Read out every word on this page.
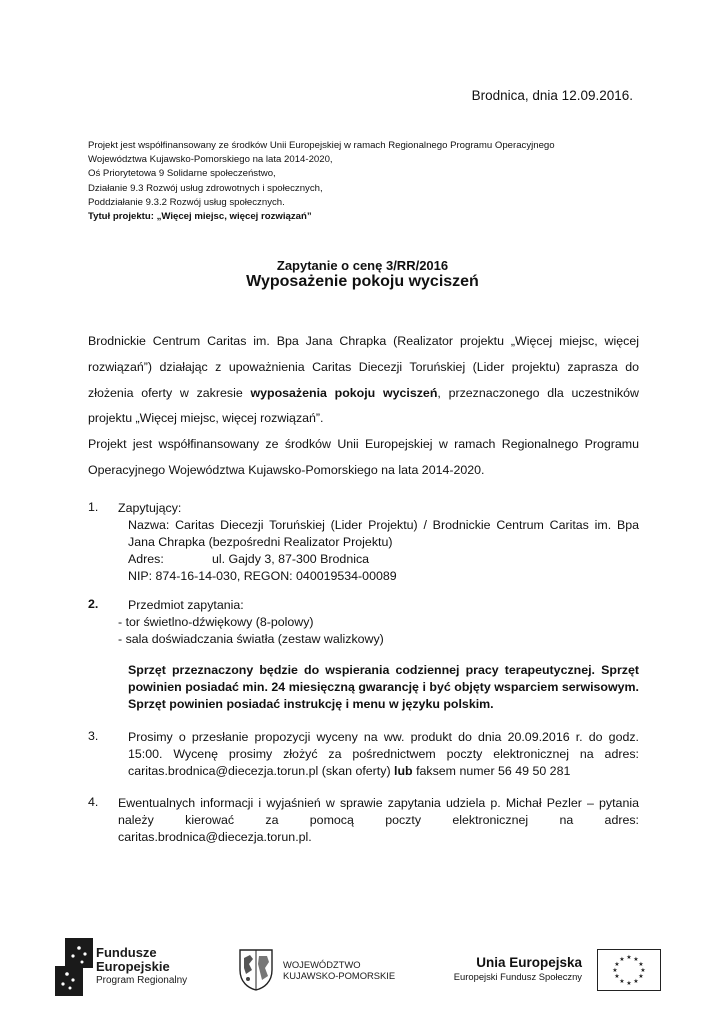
Brodnica, dnia 12.09.2016.
Projekt jest współfinansowany ze środków Unii Europejskiej w ramach Regionalnego Programu Operacyjnego
Województwa Kujawsko-Pomorskiego na lata 2014-2020,
Oś Priorytetowa 9 Solidarne społeczeństwo,
Działanie 9.3 Rozwój usług zdrowotnych i społecznych,
Poddziałanie 9.3.2 Rozwój usług społecznych.
Tytuł projektu: „Więcej miejsc, więcej rozwiązań”
Zapytanie o cenę 3/RR/2016
Wyposażenie pokoju wyciszeń
Brodnickie Centrum Caritas im. Bpa Jana Chrapka (Realizator projektu „Więcej miejsc, więcej
rozwiązań”) działając z upoważnienia Caritas Diecezji Toruńskiej (Lider projektu) zaprasza do
złożenia oferty w zakresie wyposażenia pokoju wyciszeń, przeznaczonego dla uczestników
projektu „Więcej miejsc, więcej rozwiązań”.
Projekt jest współfinansowany ze środków Unii Europejskiej w ramach Regionalnego Programu
Operacyjnego Województwa Kujawsko-Pomorskiego na lata 2014-2020.
1. Zapytujący:
Nazwa: Caritas Diecezji Toruńskiej (Lider Projektu) / Brodnickie Centrum Caritas im. Bpa
Jana Chrapka (bezpośredni Realizator Projektu)
Adres:	ul. Gajdy 3, 87-300 Brodnica
NIP: 874-16-14-030, REGON: 040019534-00089
2.	Przedmiot zapytania:
- tor świetlno-dźwiękowy (8-polowy)
- sala doświadczania światła (zestaw walizkowy)
Sprzęt przeznaczony będzie do wspierania codziennej pracy terapeutycznej. Sprzęt
powinien posiadać min. 24 miesięczną gwarancję i być objęty wsparciem serwisowym.
Sprzęt powinien posiadać instrukcję i menu w języku polskim.
3. Prosimy o przesłanie propozycji wyceny na ww. produkt do dnia 20.09.2016 r. do godz.
15:00. Wycenę prosimy złożyć za pośrednictwem poczty elektronicznej na adres:
caritas.brodnica@diecezja.torun.pl (skan oferty) lub faksem numer 56 49 50 281
4. Ewentualnych informacji i wyjaśnień w sprawie zapytania udziela p. Michał Pezler – pytania
należy kierować za pomocą poczty elektronicznej na adres:
caritas.brodnica@diecezja.torun.pl.
Fundusze
Europejskie
Program Regionalny
WOJEWÓDZTWO
KUJAWSKO-POMORSKIE
Unia Europejska
Europejski Fundusz Społeczny
★ ★
★
★
★
★
★
★
★
★
★
★
